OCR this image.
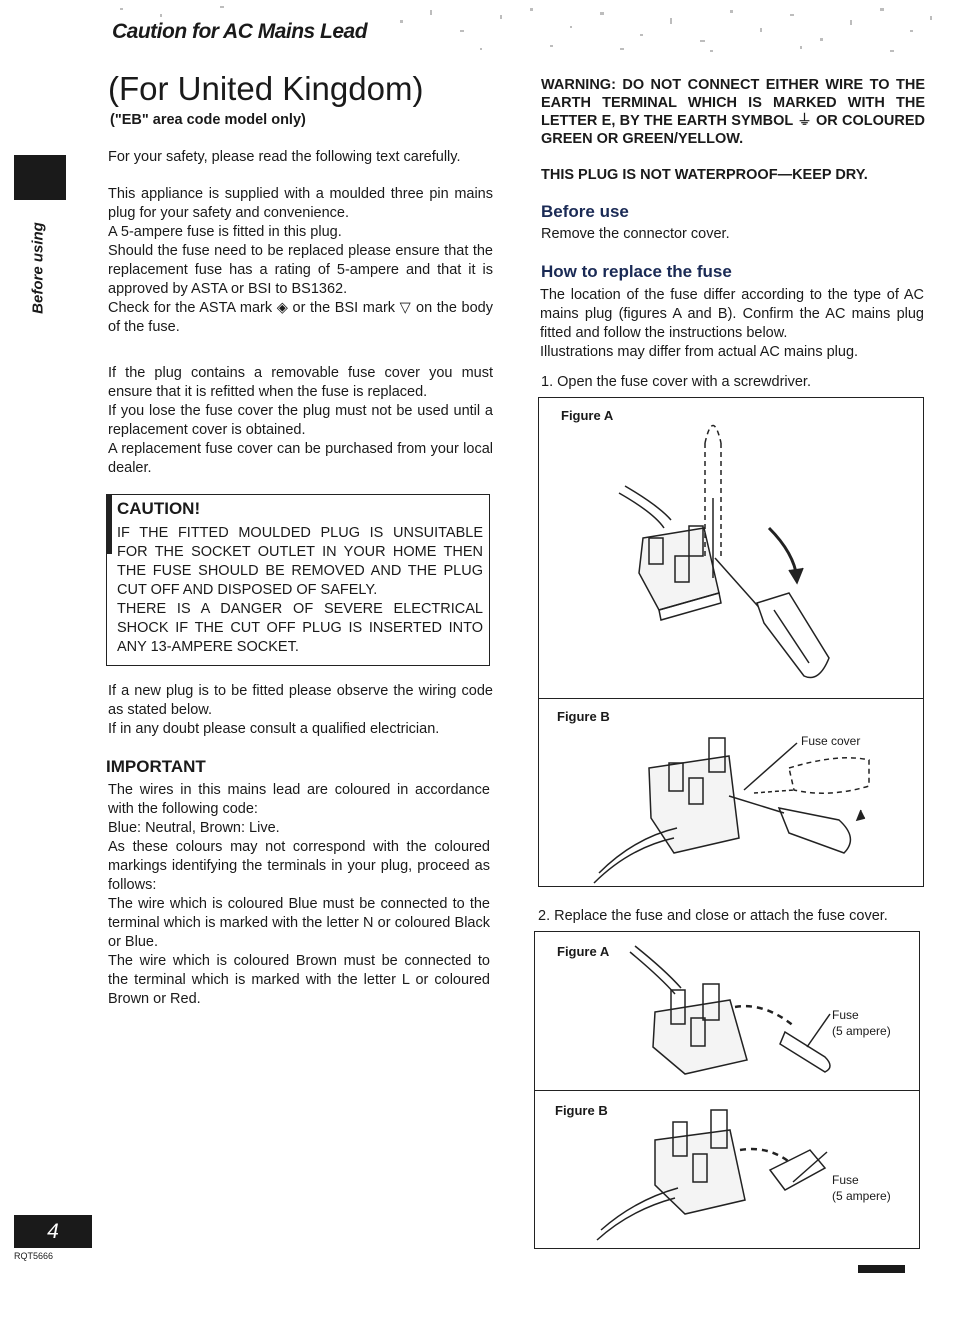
Caution for AC Mains Lead
Before using
(For United Kingdom)
("EB" area code model only)

For your safety, please read the following text carefully.

This appliance is supplied with a moulded three pin mains plug for your safety and convenience.

A 5-ampere fuse is fitted in this plug.

Should the fuse need to be replaced please ensure that the replacement fuse has a rating of 5-ampere and that it is approved by ASTA or BSI to BS1362.

Check for the ASTA mark ◈ or the BSI mark ▽ on the body of the fuse.

If the plug contains a removable fuse cover you must ensure that it is refitted when the fuse is replaced.

If you lose the fuse cover the plug must not be used until a replacement cover is obtained.

A replacement fuse cover can be purchased from your local dealer.

CAUTION!
IF THE FITTED MOULDED PLUG IS UNSUITABLE FOR THE SOCKET OUTLET IN YOUR HOME THEN THE FUSE SHOULD BE REMOVED AND THE PLUG CUT OFF AND DISPOSED OF SAFELY.
THERE IS A DANGER OF SEVERE ELECTRICAL SHOCK IF THE CUT OFF PLUG IS INSERTED INTO ANY 13-AMPERE SOCKET.

If a new plug is to be fitted please observe the wiring code as stated below.

If in any doubt please consult a qualified electrician.

IMPORTANT

The wires in this mains lead are coloured in accordance with the following code:

Blue: Neutral, Brown: Live.

As these colours may not correspond with the coloured markings identifying the terminals in your plug, proceed as follows:

The wire which is coloured Blue must be connected to the terminal which is marked with the letter N or coloured Black or Blue.

The wire which is coloured Brown must be connected to the terminal which is marked with the letter L or coloured Brown or Red.

WARNING: DO NOT CONNECT EITHER WIRE TO THE EARTH TERMINAL WHICH IS MARKED WITH THE LETTER E, BY THE EARTH SYMBOL ⏚ OR COLOURED GREEN OR GREEN/YELLOW.
THIS PLUG IS NOT WATERPROOF—KEEP DRY.
Before use
Remove the connector cover.
How to replace the fuse

The location of the fuse differ according to the type of AC mains plug (figures A and B). Confirm the AC mains plug fitted and follow the instructions below.

Illustrations may differ from actual AC mains plug.

1. Open the fuse cover with a screwdriver.
Figure A
Figure B
Fuse cover
2. Replace the fuse and close or attach the fuse cover.
Figure A
Figure B
Fuse
(5 ampere)
Fuse
(5 ampere)
4
RQT5666
